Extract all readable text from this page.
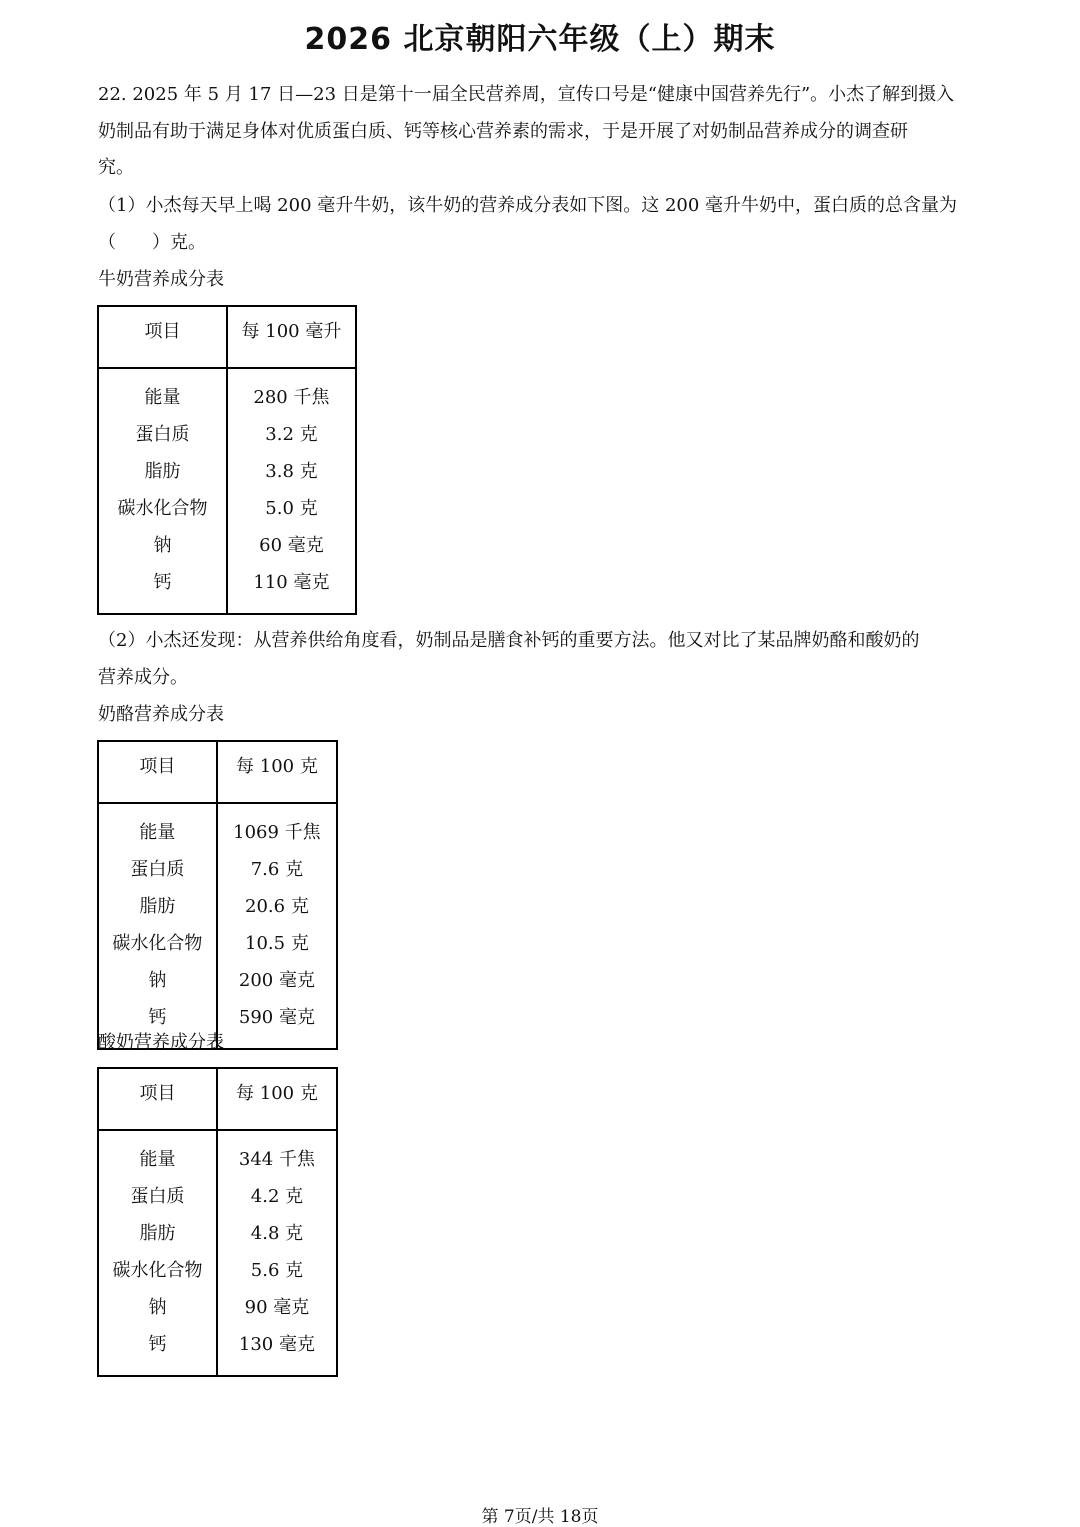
2026 北京朝阳六年级（上）期末
22. 2025 年 5 月 17 日—23 日是第十一届全民营养周，宣传口号是“健康中国营养先行”。小杰了解到摄入
奶制品有助于满足身体对优质蛋白质、钙等核心营养素的需求，于是开展了对奶制品营养成分的调查研
究。
（1）小杰每天早上喝 200 毫升牛奶，该牛奶的营养成分表如下图。这 200 毫升牛奶中，蛋白质的总含量为
（　　）克。
牛奶营养成分表
项目	每 100 毫升
能量	280 千焦
蛋白质	3.2 克
脂肪	3.8 克
碳水化合物	5.0 克
钠	60 毫克
钙	110 毫克
（2）小杰还发现：从营养供给角度看，奶制品是膳食补钙的重要方法。他又对比了某品牌奶酪和酸奶的
营养成分。
奶酪营养成分表
项目	每 100 克
能量	1069 千焦
蛋白质	7.6 克
脂肪	20.6 克
碳水化合物	10.5 克
钠	200 毫克
钙	590 毫克
酸奶营养成分表
项目	每 100 克
能量	344 千焦
蛋白质	4.2 克
脂肪	4.8 克
碳水化合物	5.6 克
钠	90 毫克
钙	130 毫克
第 7页/共 18页
